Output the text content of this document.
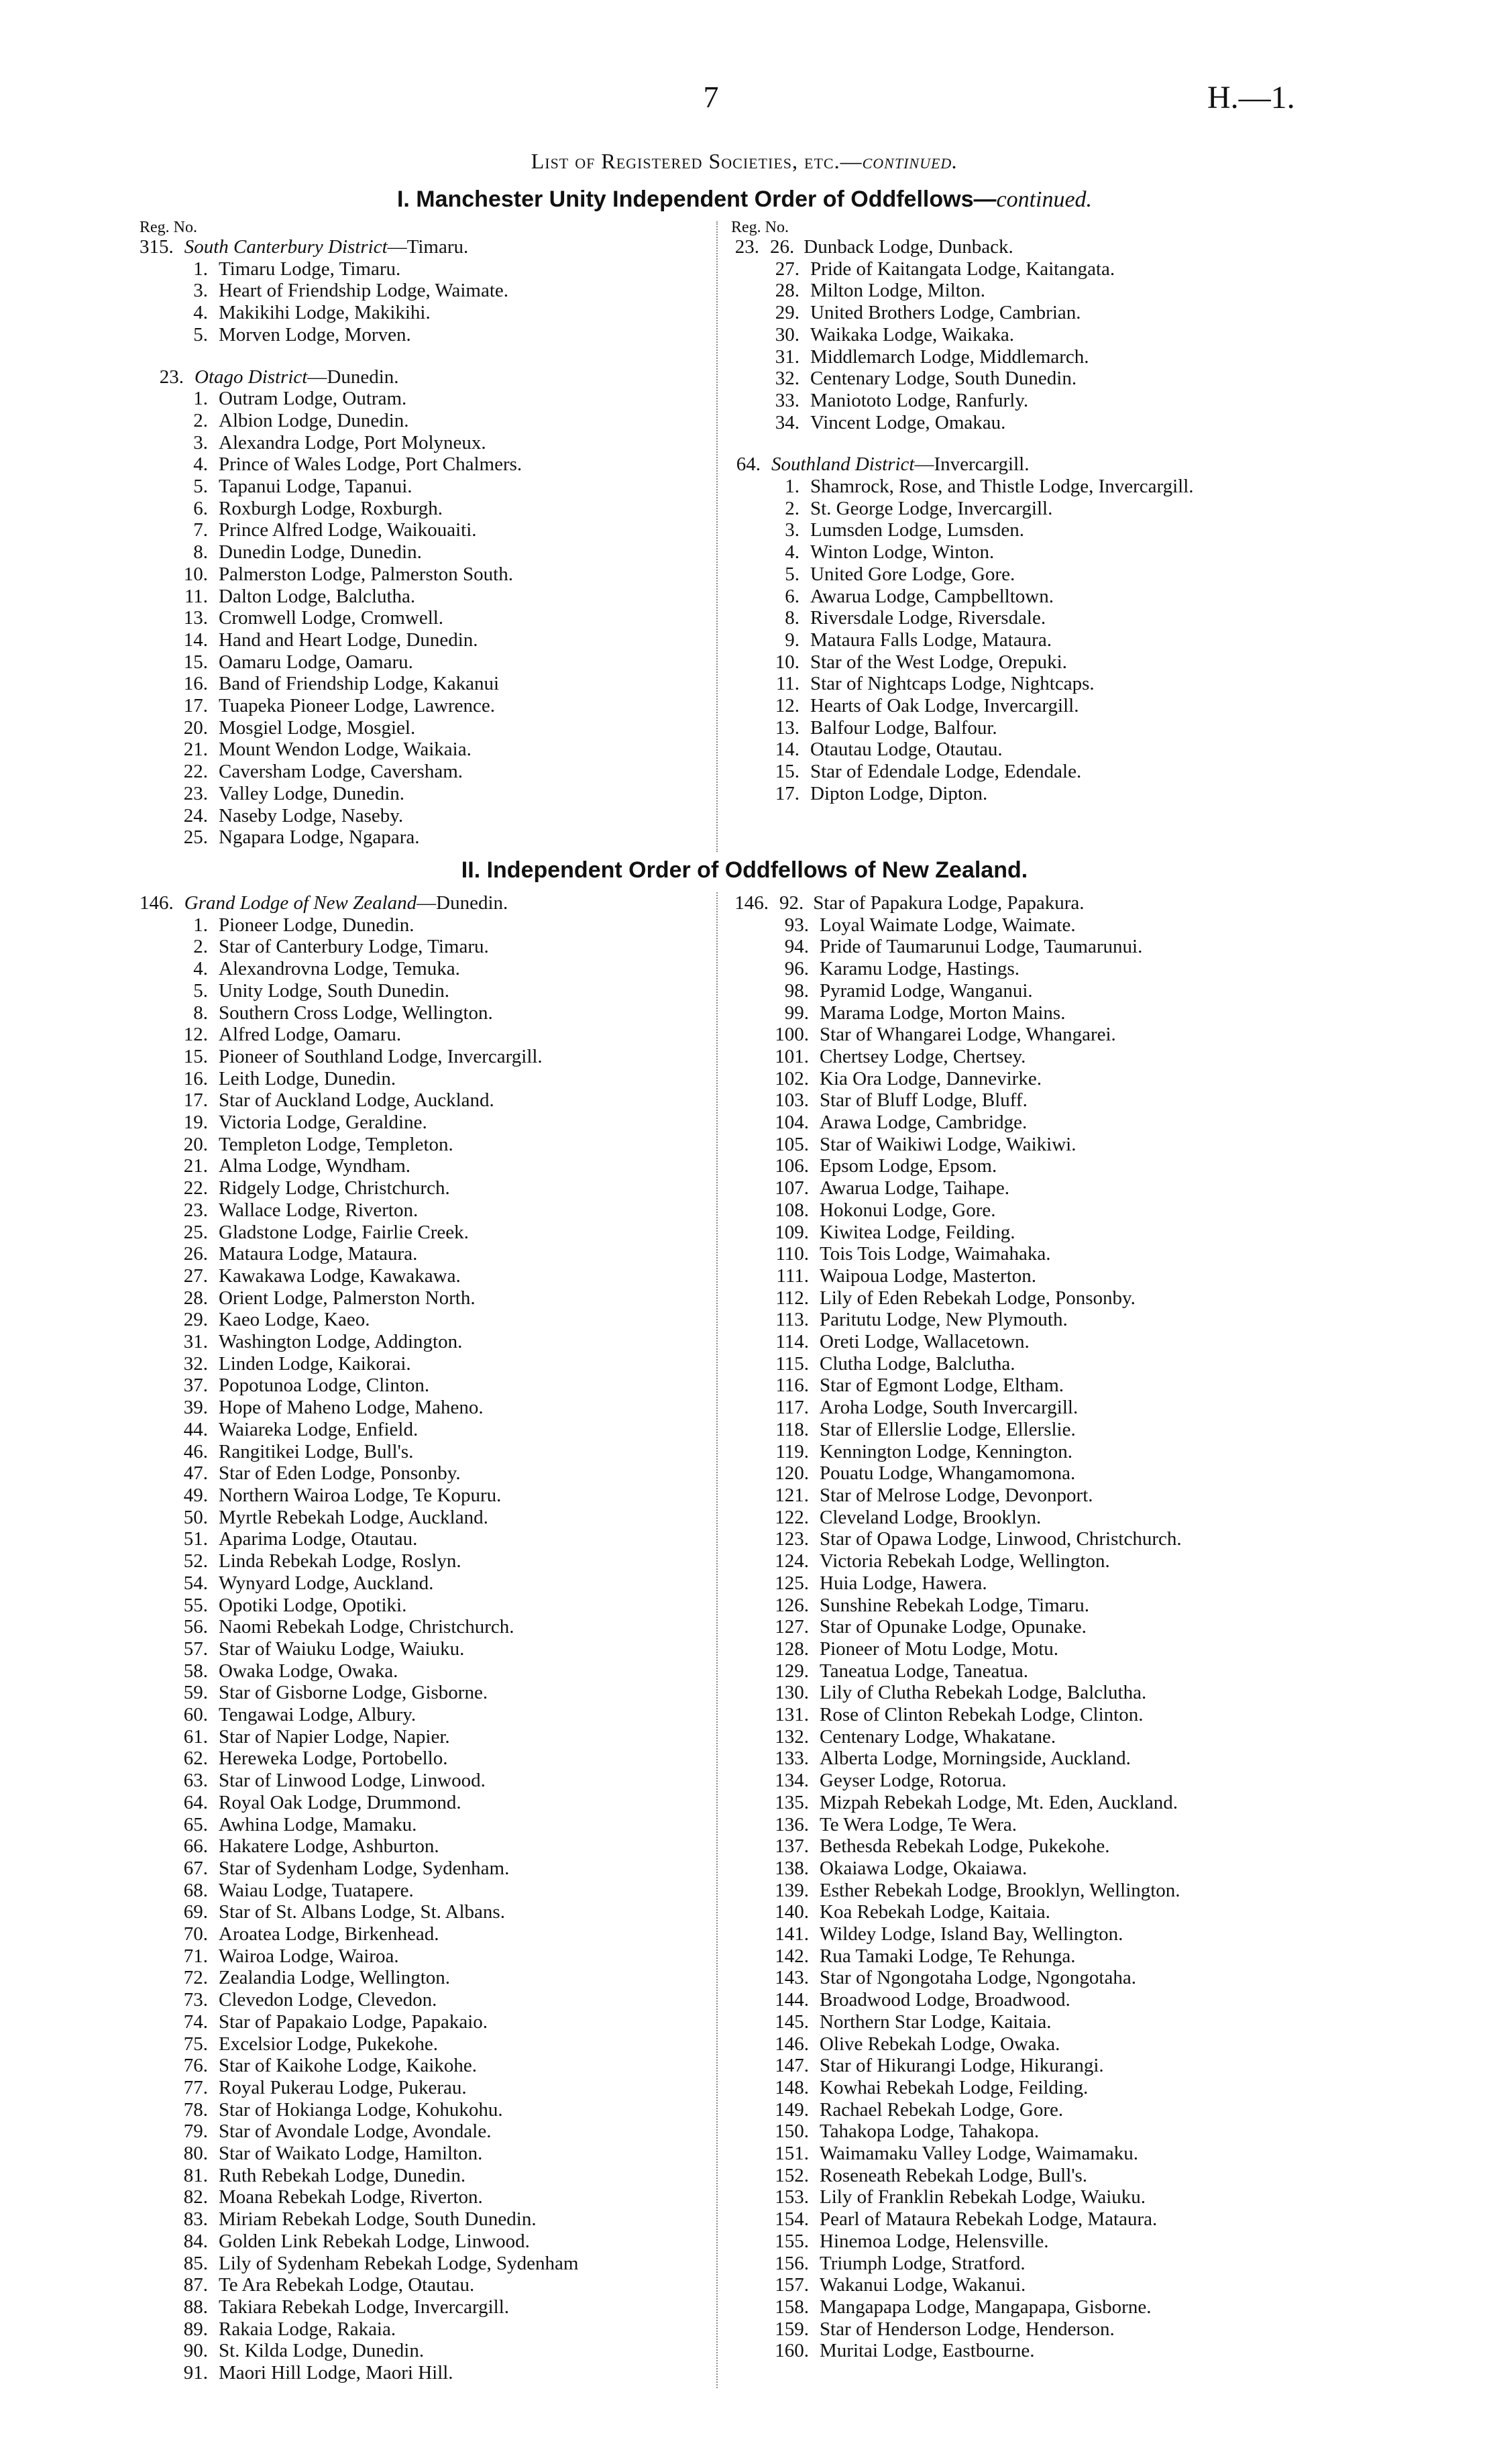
7	H.—1.
List of Registered Societies, etc.—continued.
I. Manchester Unity Independent Order of Oddfellows—continued.
Reg. No.	Reg. No.
315. South Canterbury District—Timaru.
1. Timaru Lodge, Timaru.
3. Heart of Friendship Lodge, Waimate.
4. Makikihi Lodge, Makikihi.
5. Morven Lodge, Morven.
23. Otago District—Dunedin.
1. Outram Lodge, Outram.
2. Albion Lodge, Dunedin.
3. Alexandra Lodge, Port Molyneux.
4. Prince of Wales Lodge, Port Chalmers.
5. Tapanui Lodge, Tapanui.
6. Roxburgh Lodge, Roxburgh.
7. Prince Alfred Lodge, Waikouaiti.
8. Dunedin Lodge, Dunedin.
10. Palmerston Lodge, Palmerston South.
11. Dalton Lodge, Balclutha.
13. Cromwell Lodge, Cromwell.
14. Hand and Heart Lodge, Dunedin.
15. Oamaru Lodge, Oamaru.
16. Band of Friendship Lodge, Kakanui
17. Tuapeka Pioneer Lodge, Lawrence.
20. Mosgiel Lodge, Mosgiel.
21. Mount Wendon Lodge, Waikaia.
22. Caversham Lodge, Caversham.
23. Valley Lodge, Dunedin.
24. Naseby Lodge, Naseby.
25. Ngapara Lodge, Ngapara.
23. 26. Dunback Lodge, Dunback.
27. Pride of Kaitangata Lodge, Kaitangata.
28. Milton Lodge, Milton.
29. United Brothers Lodge, Cambrian.
30. Waikaka Lodge, Waikaka.
31. Middlemarch Lodge, Middlemarch.
32. Centenary Lodge, South Dunedin.
33. Maniototo Lodge, Ranfurly.
34. Vincent Lodge, Omakau.
64. Southland District—Invercargill.
1. Shamrock, Rose, and Thistle Lodge, Invercargill.
2. St. George Lodge, Invercargill.
3. Lumsden Lodge, Lumsden.
4. Winton Lodge, Winton.
5. United Gore Lodge, Gore.
6. Awarua Lodge, Campbelltown.
8. Riversdale Lodge, Riversdale.
9. Mataura Falls Lodge, Mataura.
10. Star of the West Lodge, Orepuki.
11. Star of Nightcaps Lodge, Nightcaps.
12. Hearts of Oak Lodge, Invercargill.
13. Balfour Lodge, Balfour.
14. Otautau Lodge, Otautau.
15. Star of Edendale Lodge, Edendale.
17. Dipton Lodge, Dipton.
II. Independent Order of Oddfellows of New Zealand.
146. Grand Lodge of New Zealand—Dunedin.
1. Pioneer Lodge, Dunedin.
2. Star of Canterbury Lodge, Timaru.
4. Alexandrovna Lodge, Temuka.
5. Unity Lodge, South Dunedin.
8. Southern Cross Lodge, Wellington.
12. Alfred Lodge, Oamaru.
15. Pioneer of Southland Lodge, Invercargill.
16. Leith Lodge, Dunedin.
17. Star of Auckland Lodge, Auckland.
19. Victoria Lodge, Geraldine.
20. Templeton Lodge, Templeton.
21. Alma Lodge, Wyndham.
22. Ridgely Lodge, Christchurch.
23. Wallace Lodge, Riverton.
25. Gladstone Lodge, Fairlie Creek.
26. Mataura Lodge, Mataura.
27. Kawakawa Lodge, Kawakawa.
28. Orient Lodge, Palmerston North.
29. Kaeo Lodge, Kaeo.
31. Washington Lodge, Addington.
32. Linden Lodge, Kaikorai.
37. Popotunoa Lodge, Clinton.
39. Hope of Maheno Lodge, Maheno.
44. Waiareka Lodge, Enfield.
46. Rangitikei Lodge, Bull's.
47. Star of Eden Lodge, Ponsonby.
49. Northern Wairoa Lodge, Te Kopuru.
50. Myrtle Rebekah Lodge, Auckland.
51. Aparima Lodge, Otautau.
52. Linda Rebekah Lodge, Roslyn.
54. Wynyard Lodge, Auckland.
55. Opotiki Lodge, Opotiki.
56. Naomi Rebekah Lodge, Christchurch.
57. Star of Waiuku Lodge, Waiuku.
58. Owaka Lodge, Owaka.
59. Star of Gisborne Lodge, Gisborne.
60. Tengawai Lodge, Albury.
61. Star of Napier Lodge, Napier.
62. Hereweka Lodge, Portobello.
63. Star of Linwood Lodge, Linwood.
64. Royal Oak Lodge, Drummond.
65. Awhina Lodge, Mamaku.
66. Hakatere Lodge, Ashburton.
67. Star of Sydenham Lodge, Sydenham.
68. Waiau Lodge, Tuatapere.
69. Star of St. Albans Lodge, St. Albans.
70. Aroatea Lodge, Birkenhead.
71. Wairoa Lodge, Wairoa.
72. Zealandia Lodge, Wellington.
73. Clevedon Lodge, Clevedon.
74. Star of Papakaio Lodge, Papakaio.
75. Excelsior Lodge, Pukekohe.
76. Star of Kaikohe Lodge, Kaikohe.
77. Royal Pukerau Lodge, Pukerau.
78. Star of Hokianga Lodge, Kohukohu.
79. Star of Avondale Lodge, Avondale.
80. Star of Waikato Lodge, Hamilton.
81. Ruth Rebekah Lodge, Dunedin.
82. Moana Rebekah Lodge, Riverton.
83. Miriam Rebekah Lodge, South Dunedin.
84. Golden Link Rebekah Lodge, Linwood.
85. Lily of Sydenham Rebekah Lodge, Sydenham
87. Te Ara Rebekah Lodge, Otautau.
88. Takiara Rebekah Lodge, Invercargill.
89. Rakaia Lodge, Rakaia.
90. St. Kilda Lodge, Dunedin.
91. Maori Hill Lodge, Maori Hill.
146. 92. Star of Papakura Lodge, Papakura.
93. Loyal Waimate Lodge, Waimate.
94. Pride of Taumarunui Lodge, Taumarunui.
96. Karamu Lodge, Hastings.
98. Pyramid Lodge, Wanganui.
99. Marama Lodge, Morton Mains.
100. Star of Whangarei Lodge, Whangarei.
101. Chertsey Lodge, Chertsey.
102. Kia Ora Lodge, Dannevirke.
103. Star of Bluff Lodge, Bluff.
104. Arawa Lodge, Cambridge.
105. Star of Waikiwi Lodge, Waikiwi.
106. Epsom Lodge, Epsom.
107. Awarua Lodge, Taihape.
108. Hokonui Lodge, Gore.
109. Kiwitea Lodge, Feilding.
110. Tois Tois Lodge, Waimahaka.
111. Waipoua Lodge, Masterton.
112. Lily of Eden Rebekah Lodge, Ponsonby.
113. Paritutu Lodge, New Plymouth.
114. Oreti Lodge, Wallacetown.
115. Clutha Lodge, Balclutha.
116. Star of Egmont Lodge, Eltham.
117. Aroha Lodge, South Invercargill.
118. Star of Ellerslie Lodge, Ellerslie.
119. Kennington Lodge, Kennington.
120. Pouatu Lodge, Whangamomona.
121. Star of Melrose Lodge, Devonport.
122. Cleveland Lodge, Brooklyn.
123. Star of Opawa Lodge, Linwood, Christchurch.
124. Victoria Rebekah Lodge, Wellington.
125. Huia Lodge, Hawera.
126. Sunshine Rebekah Lodge, Timaru.
127. Star of Opunake Lodge, Opunake.
128. Pioneer of Motu Lodge, Motu.
129. Taneatua Lodge, Taneatua.
130. Lily of Clutha Rebekah Lodge, Balclutha.
131. Rose of Clinton Rebekah Lodge, Clinton.
132. Centenary Lodge, Whakatane.
133. Alberta Lodge, Morningside, Auckland.
134. Geyser Lodge, Rotorua.
135. Mizpah Rebekah Lodge, Mt. Eden, Auckland.
136. Te Wera Lodge, Te Wera.
137. Bethesda Rebekah Lodge, Pukekohe.
138. Okaiawa Lodge, Okaiawa.
139. Esther Rebekah Lodge, Brooklyn, Wellington.
140. Koa Rebekah Lodge, Kaitaia.
141. Wildey Lodge, Island Bay, Wellington.
142. Rua Tamaki Lodge, Te Rehunga.
143. Star of Ngongotaha Lodge, Ngongotaha.
144. Broadwood Lodge, Broadwood.
145. Northern Star Lodge, Kaitaia.
146. Olive Rebekah Lodge, Owaka.
147. Star of Hikurangi Lodge, Hikurangi.
148. Kowhai Rebekah Lodge, Feilding.
149. Rachael Rebekah Lodge, Gore.
150. Tahakopa Lodge, Tahakopa.
151. Waimamaku Valley Lodge, Waimamaku.
152. Roseneath Rebekah Lodge, Bull's.
153. Lily of Franklin Rebekah Lodge, Waiuku.
154. Pearl of Mataura Rebekah Lodge, Mataura.
155. Hinemoa Lodge, Helensville.
156. Triumph Lodge, Stratford.
157. Wakanui Lodge, Wakanui.
158. Mangapapa Lodge, Mangapapa, Gisborne.
159. Star of Henderson Lodge, Henderson.
160. Muritai Lodge, Eastbourne.
